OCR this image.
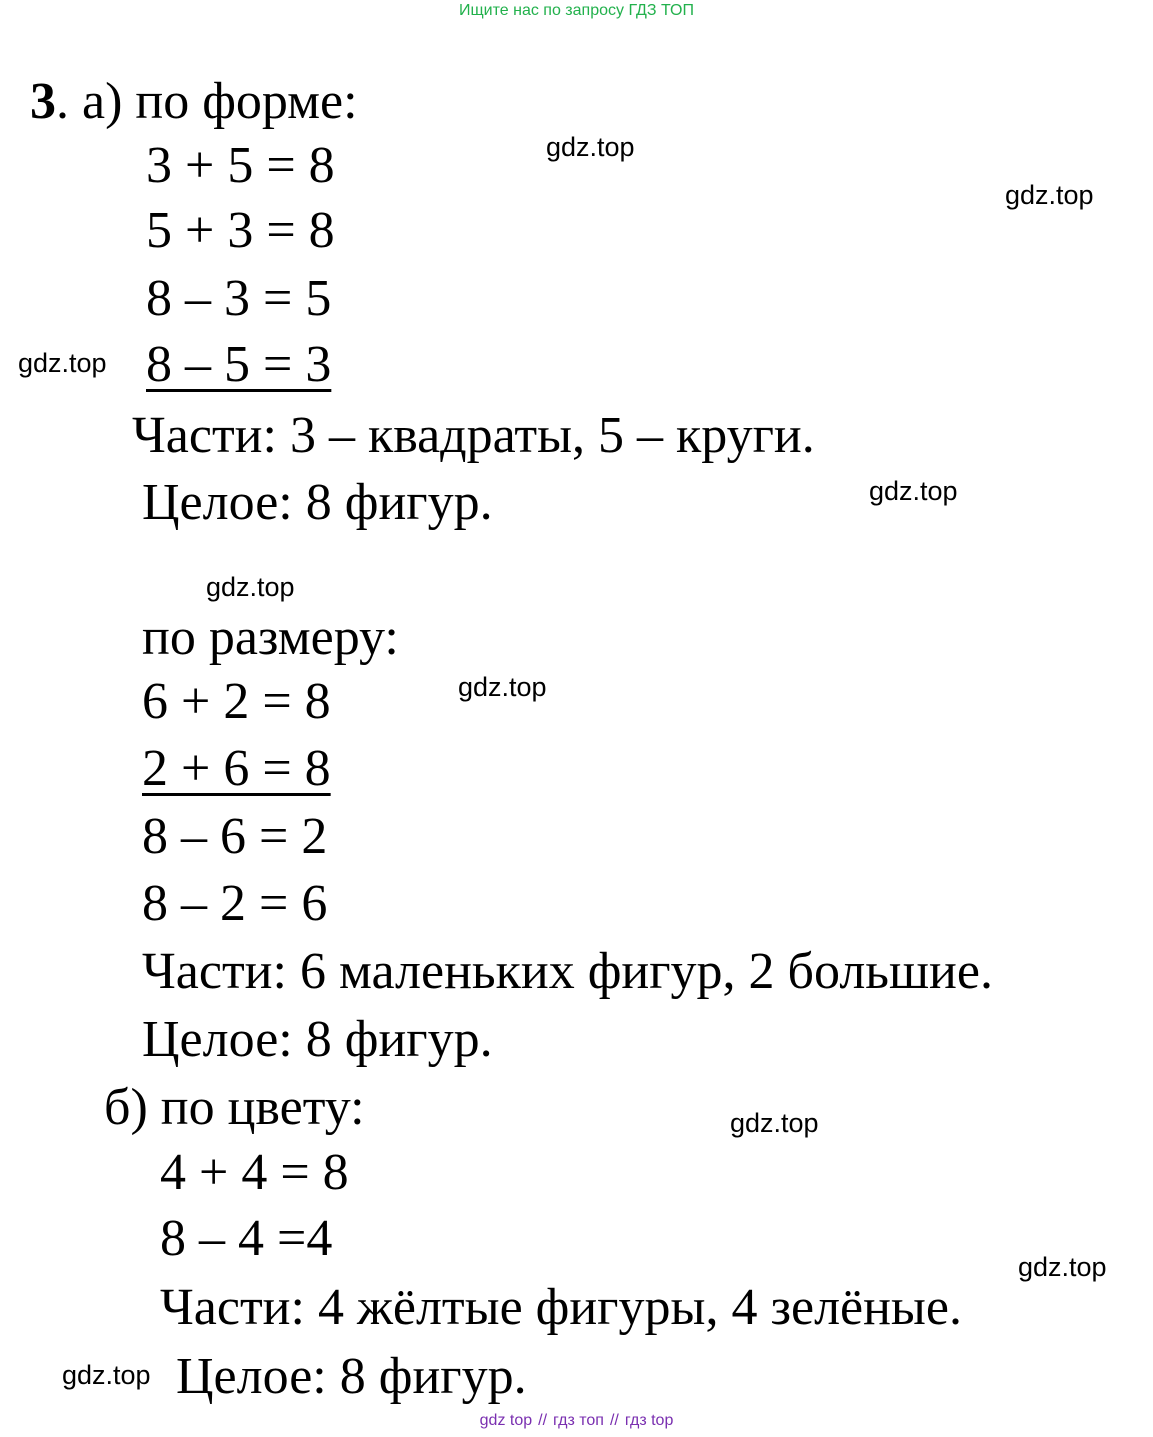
Ищите нас по запросу ГДЗ ТОП
3. а) по форме:
3 + 5 = 8
5 + 3 = 8
8 – 3 = 5
8 – 5 = 3
Части: 3 – квадраты, 5 – круги.
Целое: 8 фигур.
по размеру:
6 + 2 = 8
2 + 6 = 8
8 – 6 = 2
8 – 2 = 6
Части: 6 маленьких фигур, 2 большие.
Целое: 8 фигур.
б) по цвету:
4 + 4 = 8
8 – 4 =4
Части: 4 жёлтые фигуры, 4 зелёные.
Целое: 8 фигур.
gdz.top
gdz.top
gdz.top
gdz.top
gdz.top
gdz.top
gdz.top
gdz.top
gdz.top
gdz top // гдз топ // гдз top
